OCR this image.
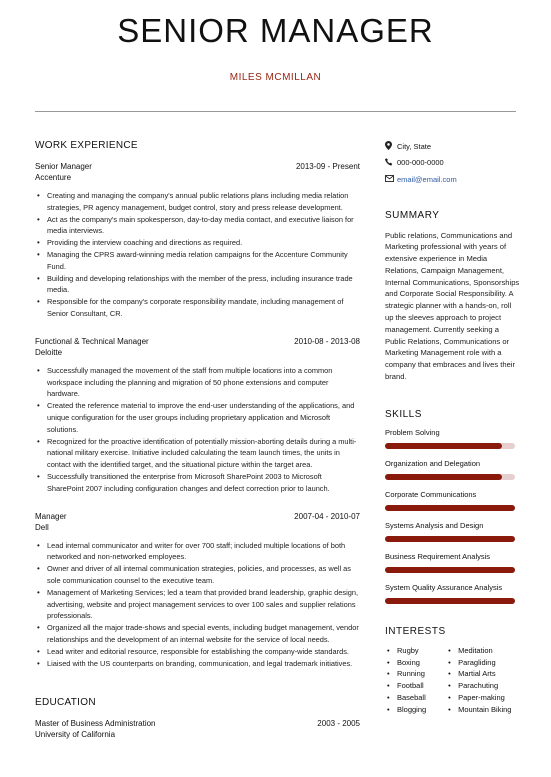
SENIOR MANAGER
MILES MCMILLAN
WORK EXPERIENCE
Senior Manager	2013-09 - Present
Accenture
• Creating and managing the company's annual public relations plans including media relation strategies, PR agency management, budget control, story and press release development.
• Act as the company's main spokesperson, day-to-day media contact, and executive liaison for media interviews.
• Providing the interview coaching and directions as required.
• Managing the CPRS award-winning media relation campaigns for the Accenture Community Fund.
• Building and developing relationships with the member of the press, including insurance trade media.
• Responsible for the company's corporate responsibility mandate, including management of Senior Consultant, CR.
Functional & Technical Manager	2010-08 - 2013-08
Deloitte
• Successfully managed the movement of the staff from multiple locations into a common workspace including the planning and migration of 50 phone extensions and computer hardware.
• Created the reference material to improve the end-user understanding of the applications, and unique configuration for the user groups including proprietary application and Microsoft solutions.
• Recognized for the proactive identification of potentially mission-aborting details during a multi-national military exercise. Initiative included calculating the team launch times, the units in contact with the identified target, and the situational picture within the target area.
• Successfully transitioned the enterprise from Microsoft SharePoint 2003 to Microsoft SharePoint 2007 including configuration changes and defect correction prior to launch.
Manager	2007-04 - 2010-07
Dell
• Lead internal communicator and writer for over 700 staff; included multiple locations of both networked and non-networked employees.
• Owner and driver of all internal communication strategies, policies, and processes, as well as sole communication counsel to the executive team.
• Management of Marketing Services; led a team that provided brand leadership, graphic design, advertising, website and project management services to over 100 sales and supplier relations professionals.
• Organized all the major trade-shows and special events, including budget management, vendor relationships and the development of an internal website for the service of local needs.
• Lead writer and editorial resource, responsible for establishing the company-wide standards.
• Liaised with the US counterparts on branding, communication, and legal trademark initiatives.
EDUCATION
Master of Business Administration	2003 - 2005
University of California
City, State
000-000-0000
email@email.com
SUMMARY
Public relations, Communications and Marketing professional with years of extensive experience in Media Relations, Campaign Management, Internal Communications, Sponsorships and Corporate Social Responsibility. A strategic planner with a hands-on, roll up the sleeves approach to project management. Currently seeking a Public Relations, Communications or Marketing Management role with a company that embraces and lives their brand.
SKILLS
Problem Solving
Organization and Delegation
Corporate Communications
Systems Analysis and Design
Business Requirement Analysis
System Quality Assurance Analysis
INTERESTS
• Rugby
• Boxing
• Running
• Football
• Baseball
• Blogging
• Meditation
• Paragliding
• Martial Arts
• Parachuting
• Paper-making
• Mountain Biking
